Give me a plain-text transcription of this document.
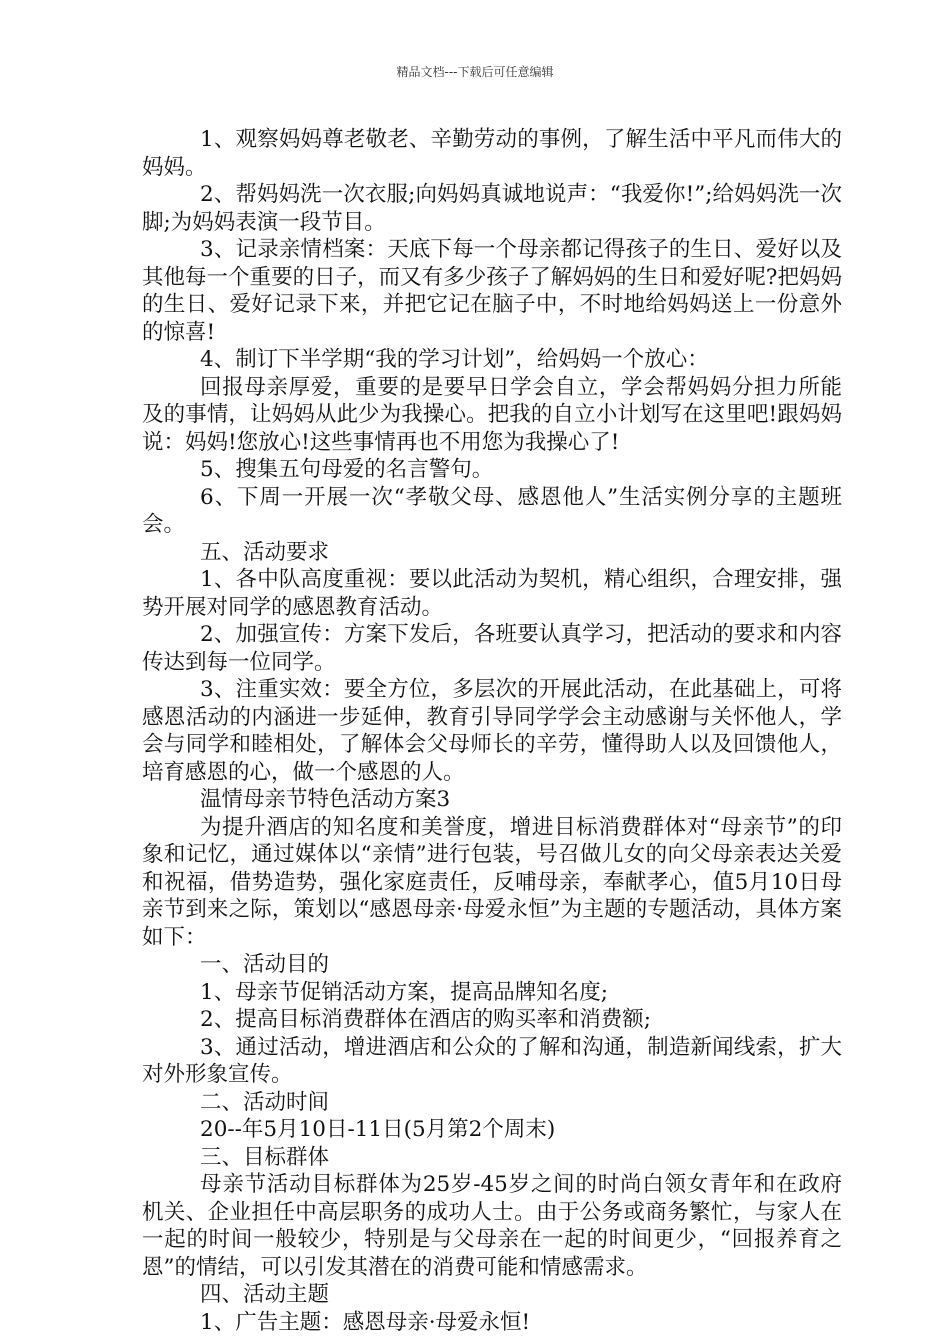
精品文档---下载后可任意编辑

1、观察妈妈尊老敬老、辛勤劳动的事例，了解生活中平凡而伟大的妈妈。

2、帮妈妈洗一次衣服;向妈妈真诚地说声：“我爱你!”;给妈妈洗一次脚;为妈妈表演一段节目。

3、记录亲情档案：天底下每一个母亲都记得孩子的生日、爱好以及其他每一个重要的日子，而又有多少孩子了解妈妈的生日和爱好呢?把妈妈的生日、爱好记录下来，并把它记在脑子中，不时地给妈妈送上一份意外的惊喜!

4、制订下半学期“我的学习计划”，给妈妈一个放心：

回报母亲厚爱，重要的是要早日学会自立，学会帮妈妈分担力所能及的事情，让妈妈从此少为我操心。把我的自立小计划写在这里吧!跟妈妈说：妈妈!您放心!这些事情再也不用您为我操心了!

5、搜集五句母爱的名言警句。

6、下周一开展一次“孝敬父母、感恩他人”生活实例分享的主题班会。

五、活动要求

1、各中队高度重视：要以此活动为契机，精心组织，合理安排，强势开展对同学的感恩教育活动。

2、加强宣传：方案下发后，各班要认真学习，把活动的要求和内容传达到每一位同学。

3、注重实效：要全方位，多层次的开展此活动，在此基础上，可将感恩活动的内涵进一步延伸，教育引导同学学会主动感谢与关怀他人，学会与同学和睦相处，了解体会父母师长的辛劳，懂得助人以及回馈他人，培育感恩的心，做一个感恩的人。

温情母亲节特色活动方案3

为提升酒店的知名度和美誉度，增进目标消费群体对“母亲节”的印象和记忆，通过媒体以“亲情”进行包装，号召做儿女的向父母亲表达关爱和祝福，借势造势，强化家庭责任，反哺母亲，奉献孝心，值5月10日母亲节到来之际，策划以“感恩母亲·母爱永恒”为主题的专题活动，具体方案如下：

一、活动目的

1、母亲节促销活动方案，提高品牌知名度;

2、提高目标消费群体在酒店的购买率和消费额;

3、通过活动，增进酒店和公众的了解和沟通，制造新闻线索，扩大对外形象宣传。

二、活动时间

20--年5月10日-11日(5月第2个周末)

三、目标群体

母亲节活动目标群体为25岁-45岁之间的时尚白领女青年和在政府机关、企业担任中高层职务的成功人士。由于公务或商务繁忙，与家人在一起的时间一般较少，特别是与父母亲在一起的时间更少，“回报养育之恩”的情结，可以引发其潜在的消费可能和情感需求。

四、活动主题

1、广告主题：感恩母亲·母爱永恒!
